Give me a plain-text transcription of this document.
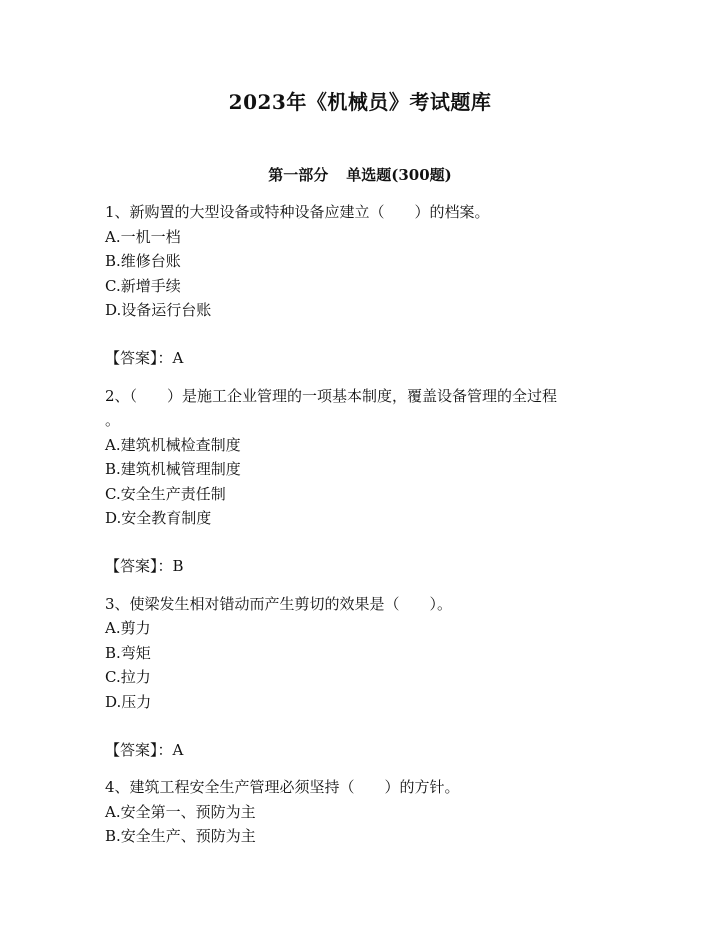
2023年《机械员》考试题库
第一部分 单选题(300题)
1、新购置的大型设备或特种设备应建立（　　）的档案。
A.一机一档
B.维修台账
C.新增手续
D.设备运行台账
【答案】：A
2、（　　）是施工企业管理的一项基本制度，覆盖设备管理的全过程
。
A.建筑机械检查制度
B.建筑机械管理制度
C.安全生产责任制
D.安全教育制度
【答案】：B
3、使梁发生相对错动而产生剪切的效果是（　　）。
A.剪力
B.弯矩
C.拉力
D.压力
【答案】：A
4、建筑工程安全生产管理必须坚持（　　）的方针。
A.安全第一、预防为主
B.安全生产、预防为主
